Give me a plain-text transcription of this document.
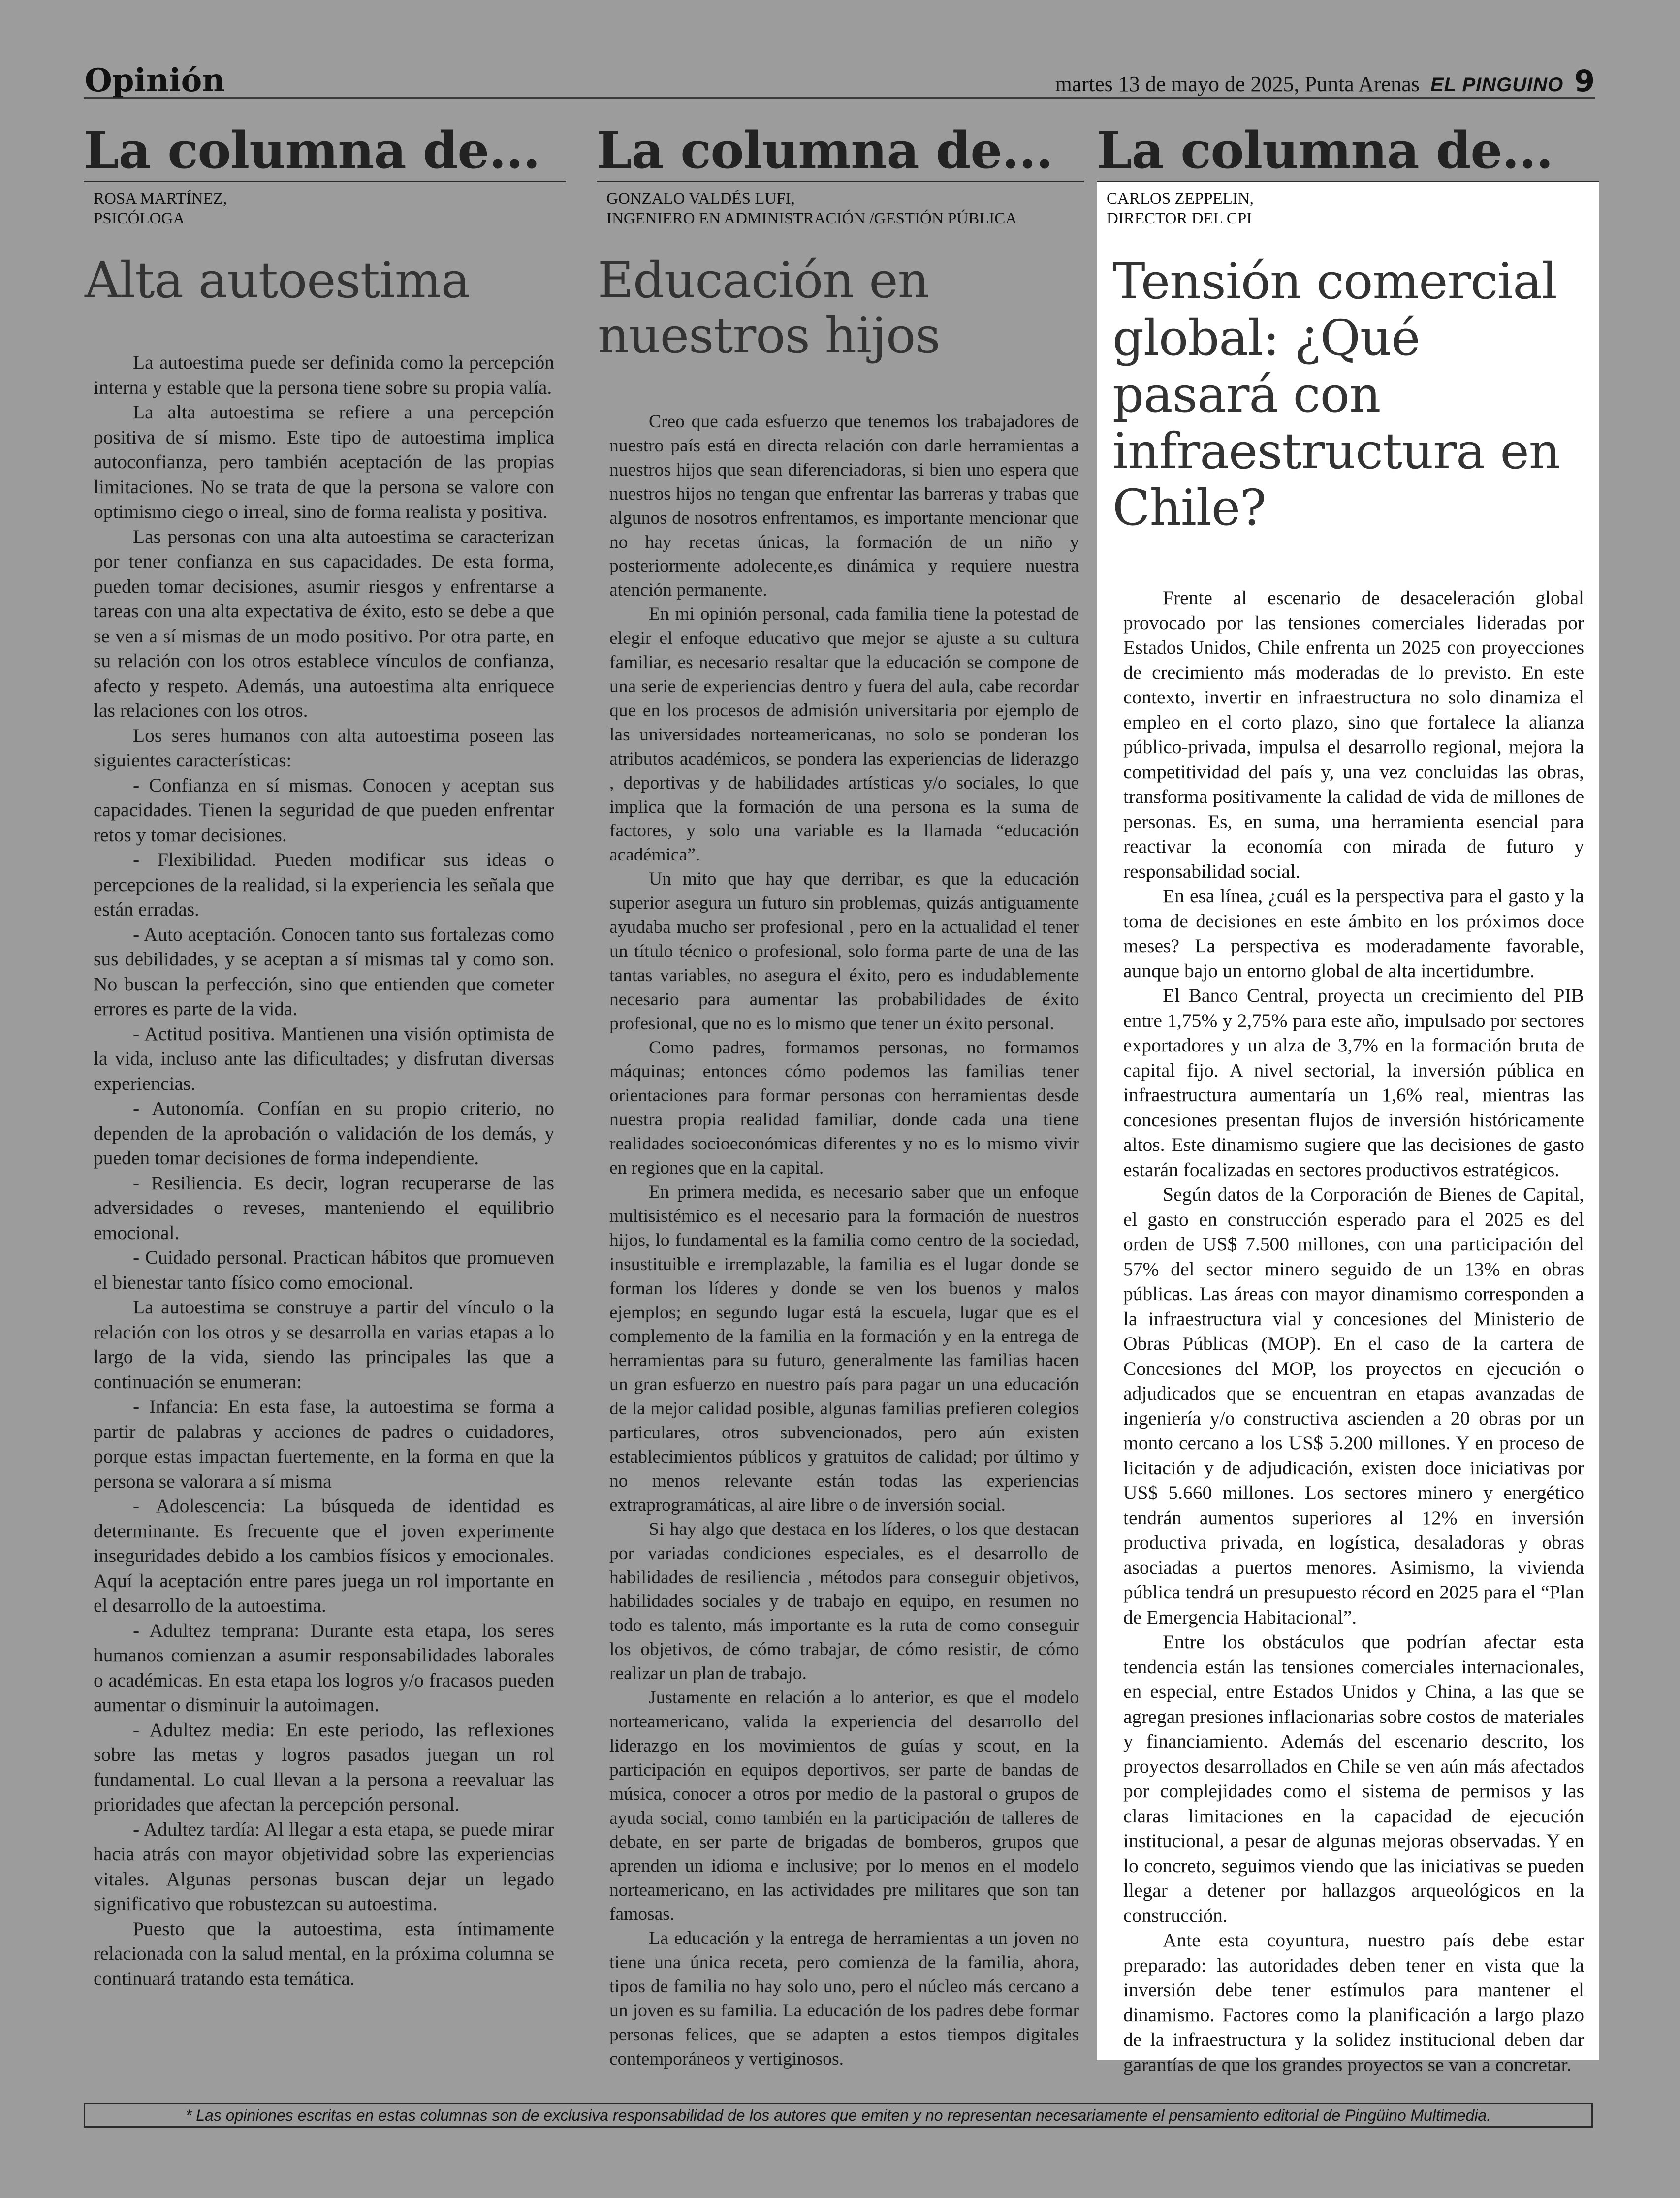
Opinión	martes 13 de mayo de 2025, Punta Arenas EL PINGUINO 9
La columna de...
ROSA MARTÍNEZ,
PSICÓLOGA
Alta autoestima

La autoestima puede ser definida como la percepción interna y estable que la persona tiene sobre su propia valía.

La alta autoestima se refiere a una percepción positiva de sí mismo. Este tipo de autoestima implica autoconfianza, pero también aceptación de las propias limitaciones. No se trata de que la persona se valore con optimismo ciego o irreal, sino de forma realista y positiva.

Las personas con una alta autoestima se caracterizan por tener confianza en sus capacidades. De esta forma, pueden tomar decisiones, asumir riesgos y enfrentarse a tareas con una alta expectativa de éxito, esto se debe a que se ven a sí mismas de un modo positivo. Por otra parte, en su relación con los otros establece vínculos de confianza, afecto y respeto. Además, una autoestima alta enriquece las relaciones con los otros.

Los seres humanos con alta autoestima poseen las siguientes características:

- Confianza en sí mismas. Conocen y aceptan sus capacidades. Tienen la seguridad de que pueden enfrentar retos y tomar decisiones.

- Flexibilidad. Pueden modificar sus ideas o percepciones de la realidad, si la experiencia les señala que están erradas.

- Auto aceptación. Conocen tanto sus fortalezas como sus debilidades, y se aceptan a sí mismas tal y como son. No buscan la perfección, sino que entienden que cometer errores es parte de la vida.

- Actitud positiva. Mantienen una visión optimista de la vida, incluso ante las dificultades; y disfrutan diversas experiencias.

- Autonomía. Confían en su propio criterio, no dependen de la aprobación o validación de los demás, y pueden tomar decisiones de forma independiente.

- Resiliencia. Es decir, logran recuperarse de las adversidades o reveses, manteniendo el equilibrio emocional.

- Cuidado personal. Practican hábitos que promueven el bienestar tanto físico como emocional.

La autoestima se construye a partir del vínculo o la relación con los otros y se desarrolla en varias etapas a lo largo de la vida, siendo las principales las que a continuación se enumeran:

- Infancia: En esta fase, la autoestima se forma a partir de palabras y acciones de padres o cuidadores, porque estas impactan fuertemente, en la forma en que la persona se valorara a sí misma

- Adolescencia: La búsqueda de identidad es determinante. Es frecuente que el joven experimente inseguridades debido a los cambios físicos y emocionales. Aquí la aceptación entre pares juega un rol importante en el desarrollo de la autoestima.

- Adultez temprana: Durante esta etapa, los seres humanos comienzan a asumir responsabilidades laborales o académicas. En esta etapa los logros y/o fracasos pueden aumentar o disminuir la autoimagen.

- Adultez media: En este periodo, las reflexiones sobre las metas y logros pasados juegan un rol fundamental. Lo cual llevan a la persona a reevaluar las prioridades que afectan la percepción personal.

- Adultez tardía: Al llegar a esta etapa, se puede mirar hacia atrás con mayor objetividad sobre las experiencias vitales. Algunas personas buscan dejar un legado significativo que robustezcan su autoestima.

Puesto que la autoestima, esta íntimamente relacionada con la salud mental, en la próxima columna se continuará tratando esta temática.

La columna de...
GONZALO VALDÉS LUFI,
INGENIERO EN ADMINISTRACIÓN /GESTIÓN PÚBLICA
Educación en nuestros hijos

Creo que cada esfuerzo que tenemos los trabajadores de nuestro país está en directa relación con darle herramientas a nuestros hijos que sean diferenciadoras, si bien uno espera que nuestros hijos no tengan que enfrentar las barreras y trabas que algunos de nosotros enfrentamos, es importante mencionar que no hay recetas únicas, la formación de un niño y posteriormente adolecente,es dinámica y requiere nuestra atención permanente.

En mi opinión personal, cada familia tiene la potestad de elegir el enfoque educativo que mejor se ajuste a su cultura familiar, es necesario resaltar que la educación se compone de una serie de experiencias dentro y fuera del aula, cabe recordar que en los procesos de admisión universitaria por ejemplo de las universidades norteamericanas, no solo se ponderan los atributos académicos, se pondera las experiencias de liderazgo , deportivas y de habilidades artísticas y/o sociales, lo que implica que la formación de una persona es la suma de factores, y solo una variable es la llamada “educación académica”.

Un mito que hay que derribar, es que la educación superior asegura un futuro sin problemas, quizás antiguamente ayudaba mucho ser profesional , pero en la actualidad el tener un título técnico o profesional, solo forma parte de una de las tantas variables, no asegura el éxito, pero es indudablemente necesario para aumentar las probabilidades de éxito profesional, que no es lo mismo que tener un éxito personal.

Como padres, formamos personas, no formamos máquinas; entonces cómo podemos las familias tener orientaciones para formar personas con herramientas desde nuestra propia realidad familiar, donde cada una tiene realidades socioeconómicas diferentes y no es lo mismo vivir en regiones que en la capital.

En primera medida, es necesario saber que un enfoque multisistémico es el necesario para la formación de nuestros hijos, lo fundamental es la familia como centro de la sociedad, insustituible e irremplazable, la familia es el lugar donde se forman los líderes y donde se ven los buenos y malos ejemplos; en segundo lugar está la escuela, lugar que es el complemento de la familia en la formación y en la entrega de herramientas para su futuro, generalmente las familias hacen un gran esfuerzo en nuestro país para pagar un una educación de la mejor calidad posible, algunas familias prefieren colegios particulares, otros subvencionados, pero aún existen establecimientos públicos y gratuitos de calidad; por último y no menos relevante están todas las experiencias extraprogramáticas, al aire libre o de inversión social.

Si hay algo que destaca en los líderes, o los que destacan por variadas condiciones especiales, es el desarrollo de habilidades de resiliencia , métodos para conseguir objetivos, habilidades sociales y de trabajo en equipo, en resumen no todo es talento, más importante es la ruta de como conseguir los objetivos, de cómo trabajar, de cómo resistir, de cómo realizar un plan de trabajo.

Justamente en relación a lo anterior, es que el modelo norteamericano, valida la experiencia del desarrollo del liderazgo en los movimientos de guías y scout, en la participación en equipos deportivos, ser parte de bandas de música, conocer a otros por medio de la pastoral o grupos de ayuda social, como también en la participación de talleres de debate, en ser parte de brigadas de bomberos, grupos que aprenden un idioma e inclusive; por lo menos en el modelo norteamericano, en las actividades pre militares que son tan famosas.

La educación y la entrega de herramientas a un joven no tiene una única receta, pero comienza de la familia, ahora, tipos de familia no hay solo uno, pero el núcleo más cercano a un joven es su familia. La educación de los padres debe formar personas felices, que se adapten a estos tiempos digitales contemporáneos y vertiginosos.

La columna de...
CARLOS ZEPPELIN,
DIRECTOR DEL CPI
Tensión comercial global: ¿Qué pasará con infraestructura en Chile?

Frente al escenario de desaceleración global provocado por las tensiones comerciales lideradas por Estados Unidos, Chile enfrenta un 2025 con proyecciones de crecimiento más moderadas de lo previsto. En este contexto, invertir en infraestructura no solo dinamiza el empleo en el corto plazo, sino que fortalece la alianza público-privada, impulsa el desarrollo regional, mejora la competitividad del país y, una vez concluidas las obras, transforma positivamente la calidad de vida de millones de personas. Es, en suma, una herramienta esencial para reactivar la economía con mirada de futuro y responsabilidad social.

En esa línea, ¿cuál es la perspectiva para el gasto y la toma de decisiones en este ámbito en los próximos doce meses? La perspectiva es moderadamente favorable, aunque bajo un entorno global de alta incertidumbre.

El Banco Central, proyecta un crecimiento del PIB entre 1,75% y 2,75% para este año, impulsado por sectores exportadores y un alza de 3,7% en la formación bruta de capital fijo. A nivel sectorial, la inversión pública en infraestructura aumentaría un 1,6% real, mientras las concesiones presentan flujos de inversión históricamente altos. Este dinamismo sugiere que las decisiones de gasto estarán focalizadas en sectores productivos estratégicos.

Según datos de la Corporación de Bienes de Capital, el gasto en construcción esperado para el 2025 es del orden de US$ 7.500 millones, con una participación del 57% del sector minero seguido de un 13% en obras públicas. Las áreas con mayor dinamismo corresponden a la infraestructura vial y concesiones del Ministerio de Obras Públicas (MOP). En el caso de la cartera de Concesiones del MOP, los proyectos en ejecución o adjudicados que se encuentran en etapas avanzadas de ingeniería y/o constructiva ascienden a 20 obras por un monto cercano a los US$ 5.200 millones. Y en proceso de licitación y de adjudicación, existen doce iniciativas por US$ 5.660 millones. Los sectores minero y energético tendrán aumentos superiores al 12% en inversión productiva privada, en logística, desaladoras y obras asociadas a puertos menores. Asimismo, la vivienda pública tendrá un presupuesto récord en 2025 para el “Plan de Emergencia Habitacional”.

Entre los obstáculos que podrían afectar esta tendencia están las tensiones comerciales internacionales, en especial, entre Estados Unidos y China, a las que se agregan presiones inflacionarias sobre costos de materiales y financiamiento. Además del escenario descrito, los proyectos desarrollados en Chile se ven aún más afectados por complejidades como el sistema de permisos y las claras limitaciones en la capacidad de ejecución institucional, a pesar de algunas mejoras observadas. Y en lo concreto, seguimos viendo que las iniciativas se pueden llegar a detener por hallazgos arqueológicos en la construcción.

Ante esta coyuntura, nuestro país debe estar preparado: las autoridades deben tener en vista que la inversión debe tener estímulos para mantener el dinamismo. Factores como la planificación a largo plazo de la infraestructura y la solidez institucional deben dar garantías de que los grandes proyectos se van a concretar.

* Las opiniones escritas en estas columnas son de exclusiva responsabilidad de los autores que emiten y no representan necesariamente el pensamiento editorial de Pingüino Multimedia.
